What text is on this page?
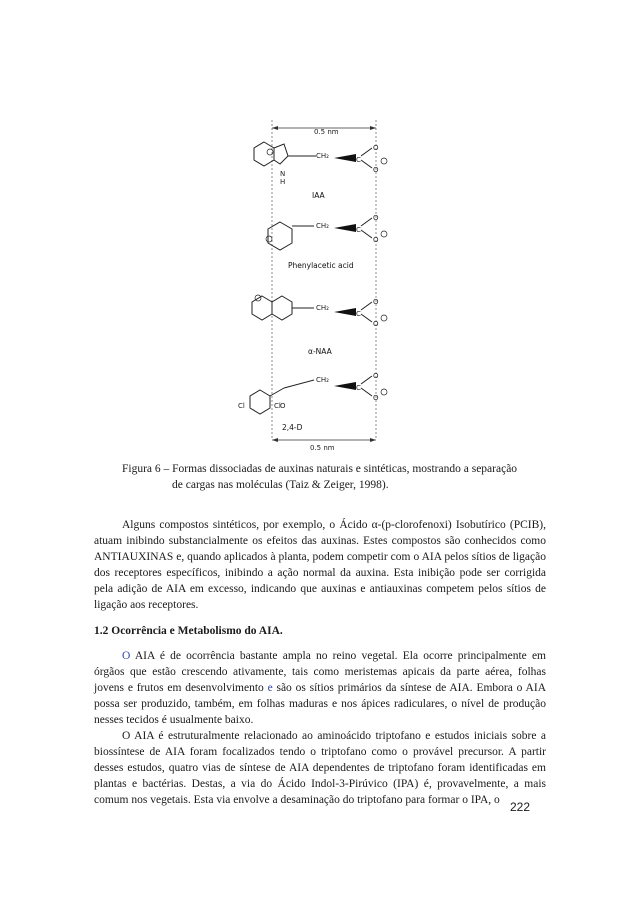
0.5 nm
N
H
CH₂	C
O
O
IAA
CH₂	C
O
O
Phenylacetic acid
CH₂
C
O
O
α-NAA
Cl	Cl O
CH₂
C
O
O
2,4-D
0.5 nm
Figura 6 – Formas dissociadas de auxinas naturais e sintéticas, mostrando a separação
de cargas nas moléculas (Taiz & Zeiger, 1998).

Alguns compostos sintéticos, por exemplo, o Ácido α-(p-clorofenoxi) Isobutírico (PCIB), atuam inibindo substancialmente os efeitos das auxinas. Estes compostos são conhecidos como ANTIAUXINAS e, quando aplicados à planta, podem competir com o AIA pelos sítios de ligação dos receptores específicos, inibindo a ação normal da auxina. Esta inibição pode ser corrigida pela adição de AIA em excesso, indicando que auxinas e antiauxinas competem pelos sítios de ligação aos receptores.

1.2 Ocorrência e Metabolismo do AIA.

O AIA é de ocorrência bastante ampla no reino vegetal. Ela ocorre principalmente em órgãos que estão crescendo ativamente, tais como meristemas apicais da parte aérea, folhas jovens e frutos em desenvolvimento e são os sítios primários da síntese de AIA. Embora o AIA possa ser produzido, também, em folhas maduras e nos ápices radiculares, o nível de produção nesses tecidos é usualmente baixo.

O AIA é estruturalmente relacionado ao aminoácido triptofano e estudos iniciais sobre a biossíntese de AIA foram focalizados tendo o triptofano como o provável precursor. A partir desses estudos, quatro vias de síntese de AIA dependentes de triptofano foram identificadas em plantas e bactérias. Destas, a via do Ácido Indol-3-Pirúvico (IPA) é, provavelmente, a mais comum nos vegetais. Esta via envolve a desaminação do triptofano para formar o IPA, o 222
